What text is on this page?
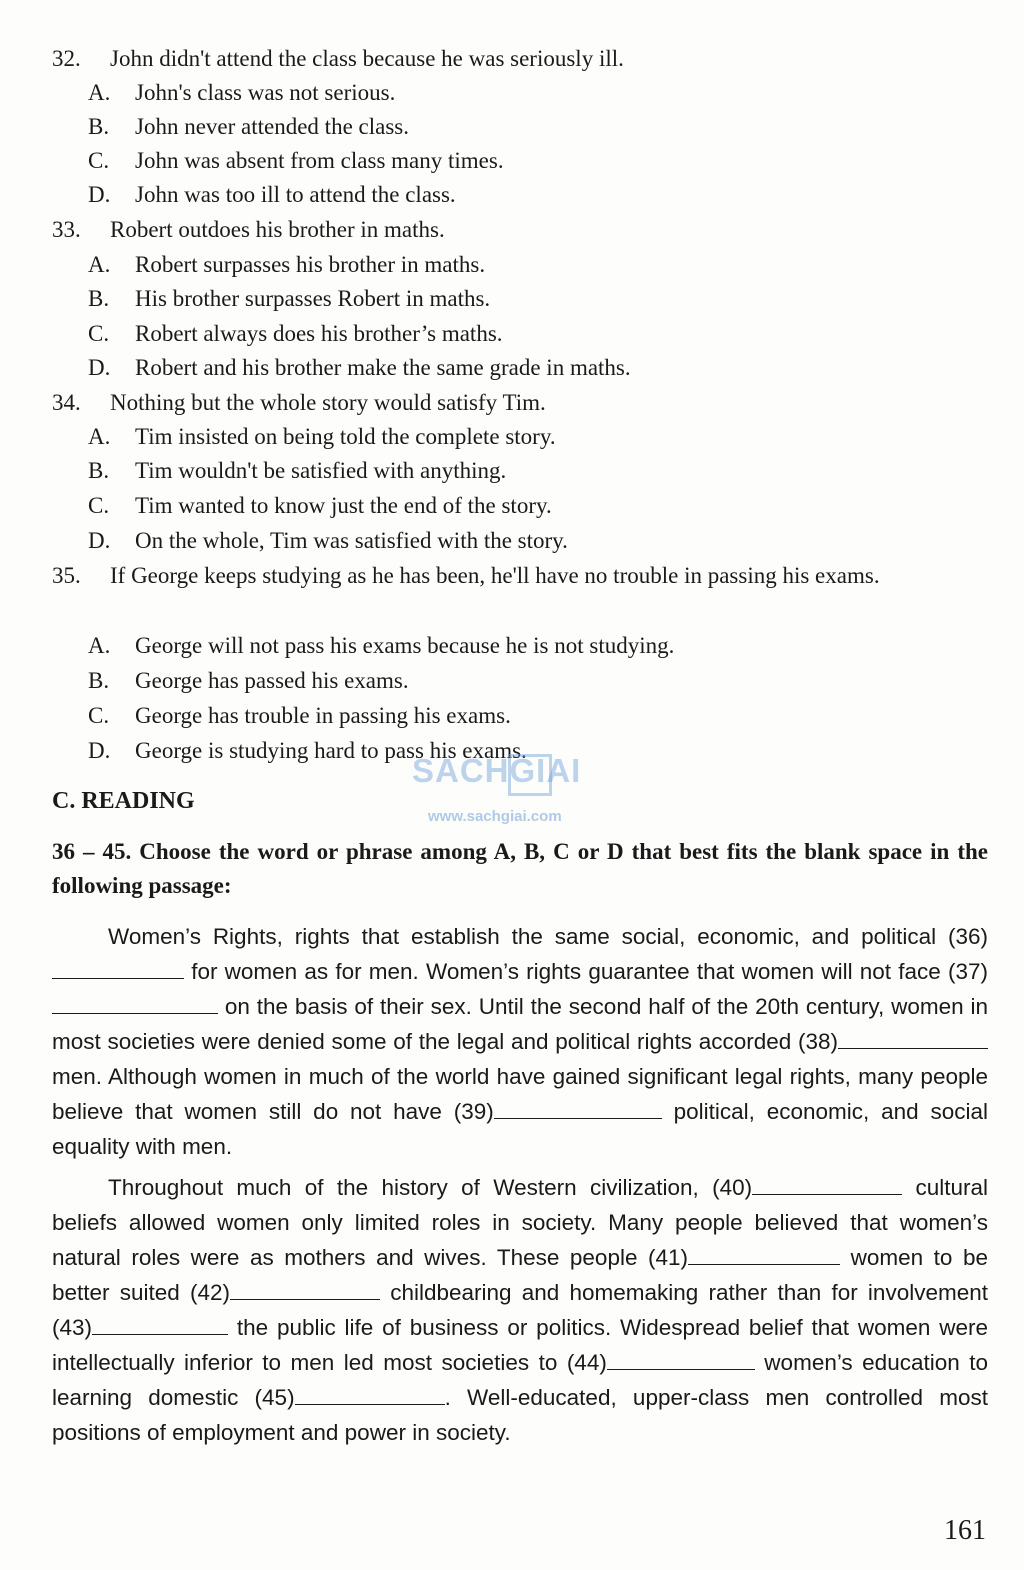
32. John didn't attend the class because he was seriously ill.
A. John's class was not serious.
B. John never attended the class.
C. John was absent from class many times.
D. John was too ill to attend the class.
33. Robert outdoes his brother in maths.
A. Robert surpasses his brother in maths.
B. His brother surpasses Robert in maths.
C. Robert always does his brother’s maths.
D. Robert and his brother make the same grade in maths.
34. Nothing but the whole story would satisfy Tim.
A. Tim insisted on being told the complete story.
B. Tim wouldn't be satisfied with anything.
C. Tim wanted to know just the end of the story.
D. On the whole, Tim was satisfied with the story.
35. If George keeps studying as he has been, he'll have no trouble in passing his exams.
A. George will not pass his exams because he is not studying.
B. George has passed his exams.
C. George has trouble in passing his exams.
D. George is studying hard to pass his exams.
SACHGIAI
www.sachgiai.com
C. READING
36 – 45. Choose the word or phrase among A, B, C or D that best fits the blank space in the following passage:
Women’s Rights, rights that establish the same social, economic, and political (36) for women as for men. Women’s rights guarantee that women will not face (37) on the basis of their sex. Until the second half of the 20th century, women in most societies were denied some of the legal and political rights accorded (38) men. Although women in much of the world have gained significant legal rights, many people believe that women still do not have (39)	political, economic, and social equality with men.
Throughout much of the history of Western civilization, (40)	cultural beliefs allowed women only limited roles in society. Many people believed that women’s natural roles were as mothers and wives. These people (41)	women to be better suited (42)	childbearing and homemaking rather than for involvement (43)	the public life of business or politics. Widespread belief that women were intellectually inferior to men led most societies to (44)	women’s education to learning domestic (45)	. Well-educated, upper-class men controlled most positions of employment and power in society.
161
